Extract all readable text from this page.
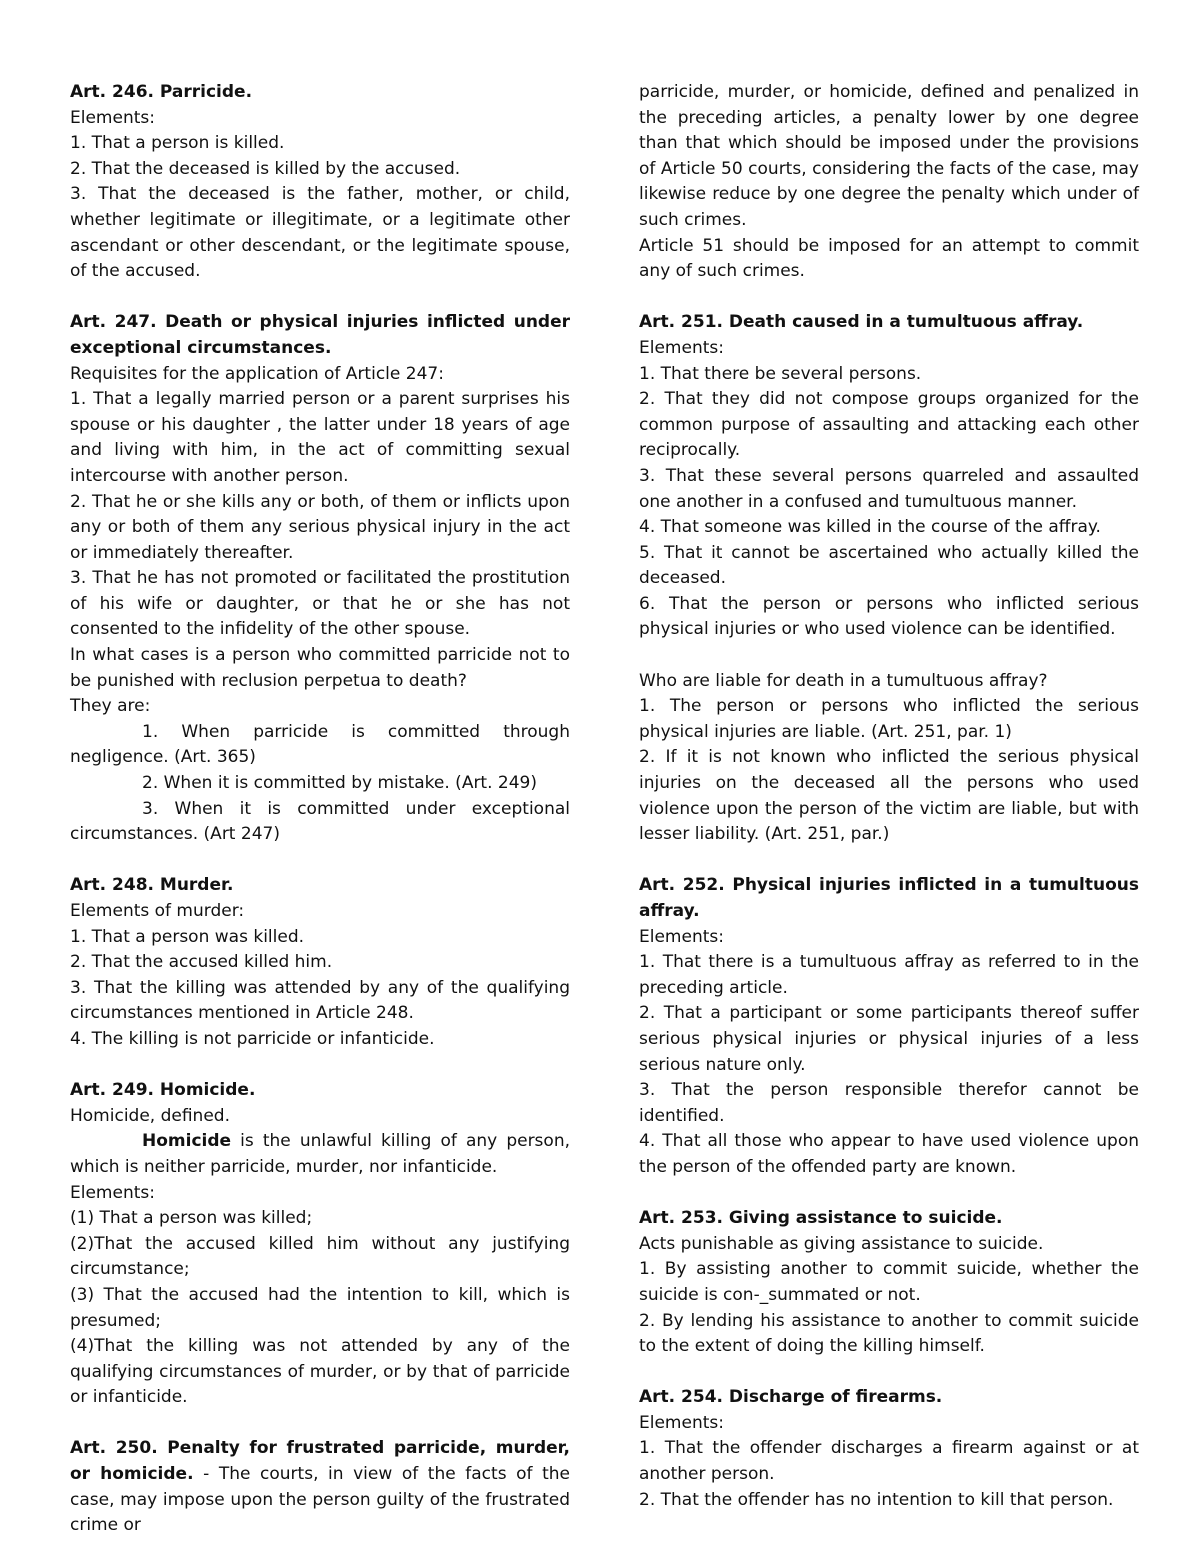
Art. 246. Parricide.

Elements:

1. That a person is killed.

2. That the deceased is killed by the accused.

3. That the deceased is the father, mother, or child, whether legitimate or illegitimate, or a legitimate other ascendant or other descendant, or the legitimate spouse, of the accused.

Art. 247. Death or physical injuries inflicted under exceptional circumstances.

Requisites for the application of Article 247:

1. That a legally married person or a parent surprises his spouse or his daughter , the latter under 18 years of age and living with him, in the act of committing sexual intercourse with another person.

2. That he or she kills any or both, of them or inflicts upon any or both of them any serious physical injury in the act or immediately thereafter.

3. That he has not promoted or facilitated the prostitution of his wife or daughter, or that he or she has not consented to the infidelity of the other spouse.

In what cases is a person who committed parricide not to be punished with reclusion perpetua to death?

They are:

1. When parricide is committed through negligence. (Art. 365)

2. When it is committed by mistake. (Art. 249)

3. When it is committed under exceptional circumstances. (Art 247)

Art. 248. Murder.

Elements of murder:

1. That a person was killed.

2. That the accused killed him.

3. That the killing was attended by any of the qualifying circumstances mentioned in Article 248.

4. The killing is not parricide or infanticide.

Art. 249. Homicide.

Homicide, defined.

Homicide is the unlawful killing of any person, which is neither parricide, murder, nor infanticide.

Elements:

(1) That a person was killed;

(2)That the accused killed him without any justifying circumstance;

(3) That the accused had the intention to kill, which is presumed;

(4)That the killing was not attended by any of the qualifying circumstances of murder, or by that of parricide or infanticide.

Art. 250. Penalty for frustrated parricide, murder, or homicide. - The courts, in view of the facts of the case, may impose upon the person guilty of the frustrated crime or

parricide, murder, or homicide, defined and penalized in the preceding articles, a penalty lower by one degree than that which should be imposed under the provisions of Article 50 courts, considering the facts of the case, may likewise reduce by one degree the penalty which under of such crimes.

Article 51 should be imposed for an attempt to commit any of such crimes.

Art. 251. Death caused in a tumultuous affray.

Elements:

1. That there be several persons.

2. That they did not compose groups organized for the common purpose of assaulting and attacking each other reciprocally.

3. That these several persons quarreled and assaulted one another in a confused and tumultuous manner.

4. That someone was killed in the course of the affray.

5. That it cannot be ascertained who actually killed the deceased.

6. That the person or persons who inflicted serious physical injuries or who used violence can be identified.

Who are liable for death in a tumultuous affray?

1. The person or persons who inflicted the serious physical injuries are liable. (Art. 251, par. 1)

2. If it is not known who inflicted the serious physical injuries on the deceased all the persons who used violence upon the person of the victim are liable, but with lesser liability. (Art. 251, par.)

Art. 252. Physical injuries inflicted in a tumultuous affray.

Elements:

1. That there is a tumultuous affray as referred to in the preceding article.

2. That a participant or some participants thereof suffer serious physical injuries or physical injuries of a less serious nature only.

3. That the person responsible therefor cannot be identified.

4. That all those who appear to have used violence upon the person of the offended party are known.

Art. 253. Giving assistance to suicide.

Acts punishable as giving assistance to suicide.

1. By assisting another to commit suicide, whether the suicide is con-_summated or not.

2. By lending his assistance to another to commit suicide to the extent of doing the killing himself.

Art. 254. Discharge of firearms.

Elements:

1. That the offender discharges a firearm against or at another person.

2. That the offender has no intention to kill that person.
